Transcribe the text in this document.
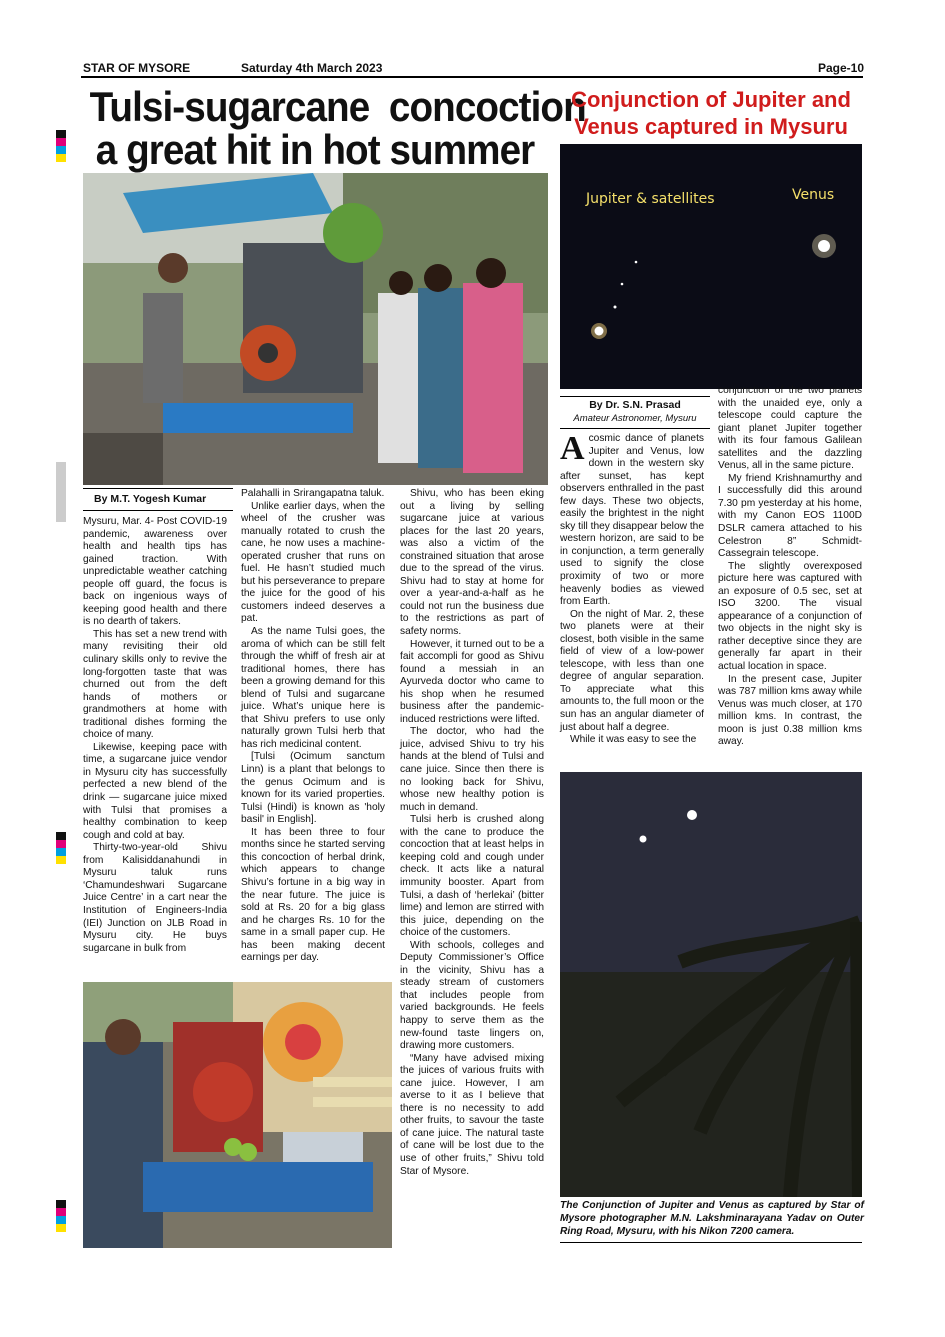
STAR OF MYSORE	Saturday 4th March 2023	Page-10
Tulsi-sugarcane  concoction
a great hit in hot summer
By M.T. Yogesh Kumar

Mysuru, Mar. 4- Post COVID-19 pandemic, awareness over health and health tips has gained traction. With unpredictable weather catching people off guard, the focus is back on ingenious ways of keeping good health and there is no dearth of takers.

This has set a new trend with many revisiting their old culinary skills only to revive the long-forgotten taste that was churned out from the deft hands of mothers or grandmothers at home with traditional dishes forming the choice of many.

Likewise, keeping pace with time, a sugarcane juice vendor in Mysuru city has successfully perfected a new blend of the drink — sugarcane juice mixed with Tulsi that promises a healthy combination to keep cough and cold at bay.

Thirty-two-year-old Shivu from Kalisiddanahundi in Mysuru taluk runs ‘Chamundeshwari Sugarcane Juice Centre’ in a cart near the Institution of Engineers-India (IEI) Junction on JLB Road in Mysuru city. He buys sugarcane in bulk from

Palahalli in Srirangapatna taluk.

Unlike earlier days, when the wheel of the crusher was manually rotated to crush the cane, he now uses a machine-operated crusher that runs on fuel. He hasn’t studied much but his perseverance to prepare the juice for the good of his customers indeed deserves a pat.

As the name Tulsi goes, the aroma of which can be still felt through the whiff of fresh air at traditional homes, there has been a growing demand for this blend of Tulsi and sugarcane juice. What’s unique here is that Shivu prefers to use only naturally grown Tulsi herb that has rich medicinal content.

[Tulsi (Ocimum sanctum Linn) is a plant that belongs to the genus Ocimum and is known for its varied properties. Tulsi (Hindi) is known as 'holy basil' in English].

It has been three to four months since he started serving this concoction of herbal drink, which appears to change Shivu’s fortune in a big way in the near future. The juice is sold at Rs. 20 for a big glass and he charges Rs. 10 for the same in a small paper cup. He has been making decent earnings per day.

Shivu, who has been eking out a living by selling sugarcane juice at various places for the last 20 years, was also a victim of the constrained situation that arose due to the spread of the virus. Shivu had to stay at home for over a year-and-a-half as he could not run the business due to the restrictions as part of safety norms.

However, it turned out to be a fait accompli for good as Shivu found a messiah in an Ayurveda doctor who came to his shop when he resumed business after the pandemic-induced restrictions were lifted.

The doctor, who had the juice, advised Shivu to try his hands at the blend of Tulsi and cane juice. Since then there is no looking back for Shivu, whose new healthy potion is much in demand.

Tulsi herb is crushed along with the cane to produce the concoction that at least helps in keeping cold and cough under check. It acts like a natural immunity booster. Apart from Tulsi, a dash of ‘herlekai’ (bitter lime) and lemon are stirred with this juice, depending on the choice of the customers.

With schools, colleges and Deputy Commissioner’s Office in the vicinity, Shivu has a steady stream of customers that includes people from varied backgrounds. He feels happy to serve them as the new-found taste lingers on, drawing more customers.

“Many have advised mixing the juices of various fruits with cane juice. However, I am averse to it as I believe that there is no necessity to add other fruits, to savour the taste of cane juice. The natural taste of cane will be lost due to the use of other fruits,” Shivu told Star of Mysore.

Conjunction of Jupiter and
Venus captured in Mysuru
Jupiter & satellites	Venus
By Dr. S.N. Prasad
Amateur Astronomer, Mysuru

A cosmic dance of planets Jupiter and Venus, low down in the western sky after sunset, has kept observers enthralled in the past few days. These two objects, easily the brightest in the night sky till they disappear below the western horizon, are said to be in conjunction, a term generally used to signify the close proximity of two or more heavenly bodies as viewed from Earth.

On the night of Mar. 2, these two planets were at their closest, both visible in the same field of view of a low-power telescope, with less than one degree of angular separation. To appreciate what this amounts to, the full moon or the sun has an angular diameter of just about half a degree.

While it was easy to see the

conjunction of the two planets with the unaided eye, only a telescope could capture the giant planet Jupiter together with its four famous Galilean satellites and the dazzling Venus, all in the same picture.

My friend Krishnamurthy and I successfully did this around 7.30 pm yesterday at his home, with my Canon EOS 1100D DSLR camera attached to his Celestron 8” Schmidt-Cassegrain telescope.

The slightly overexposed picture here was captured with an exposure of 0.5 sec, set at ISO 3200. The visual appearance of a conjunction of two objects in the night sky is rather deceptive since they are generally far apart in their actual location in space.

In the present case, Jupiter was 787 million kms away while Venus was much closer, at 170 million kms. In contrast, the moon is just 0.38 million kms away.

The Conjunction of Jupiter and Venus as captured by Star of Mysore photographer M.N. Lakshminarayana Yadav on Outer Ring Road, Mysuru, with his Nikon 7200 camera.
